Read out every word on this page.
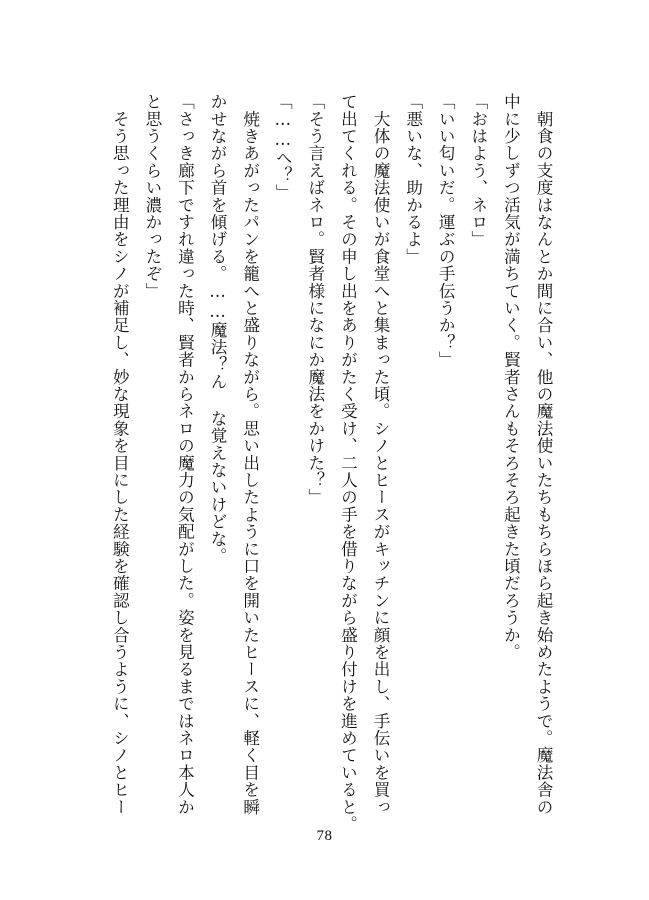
　朝食の支度はなんとか間に合い、他の魔法使いたちもちらほら起き始めたようで。魔法舎の
中に少しずつ活気が満ちていく。賢者さんもそろそろ起きた頃だろうか。
「おはよう、ネロ」
「いい匂いだ。運ぶの手伝うか？」
「悪いな、助かるよ」
　大体の魔法使いが食堂へと集まった頃。シノとヒースがキッチンに顔を出し、手伝いを買っ
て出てくれる。その申し出をありがたく受け、二人の手を借りながら盛り付けを進めていると。
「そう言えばネロ。賢者様になにか魔法をかけた？」
「……へ？」
　焼きあがったパンを籠へと盛りながら。思い出したように口を開いたヒースに、軽く目を瞬
かせながら首を傾げる。……魔法？ん な覚えないけどな。
「さっき廊下ですれ違った時、賢者からネロの魔力の気配がした。姿を見るまではネロ本人か
と思うくらい濃かったぞ」
　そう思った理由をシノが補足し、妙な現象を目にした経験を確認し合うように、シノとヒー
78
